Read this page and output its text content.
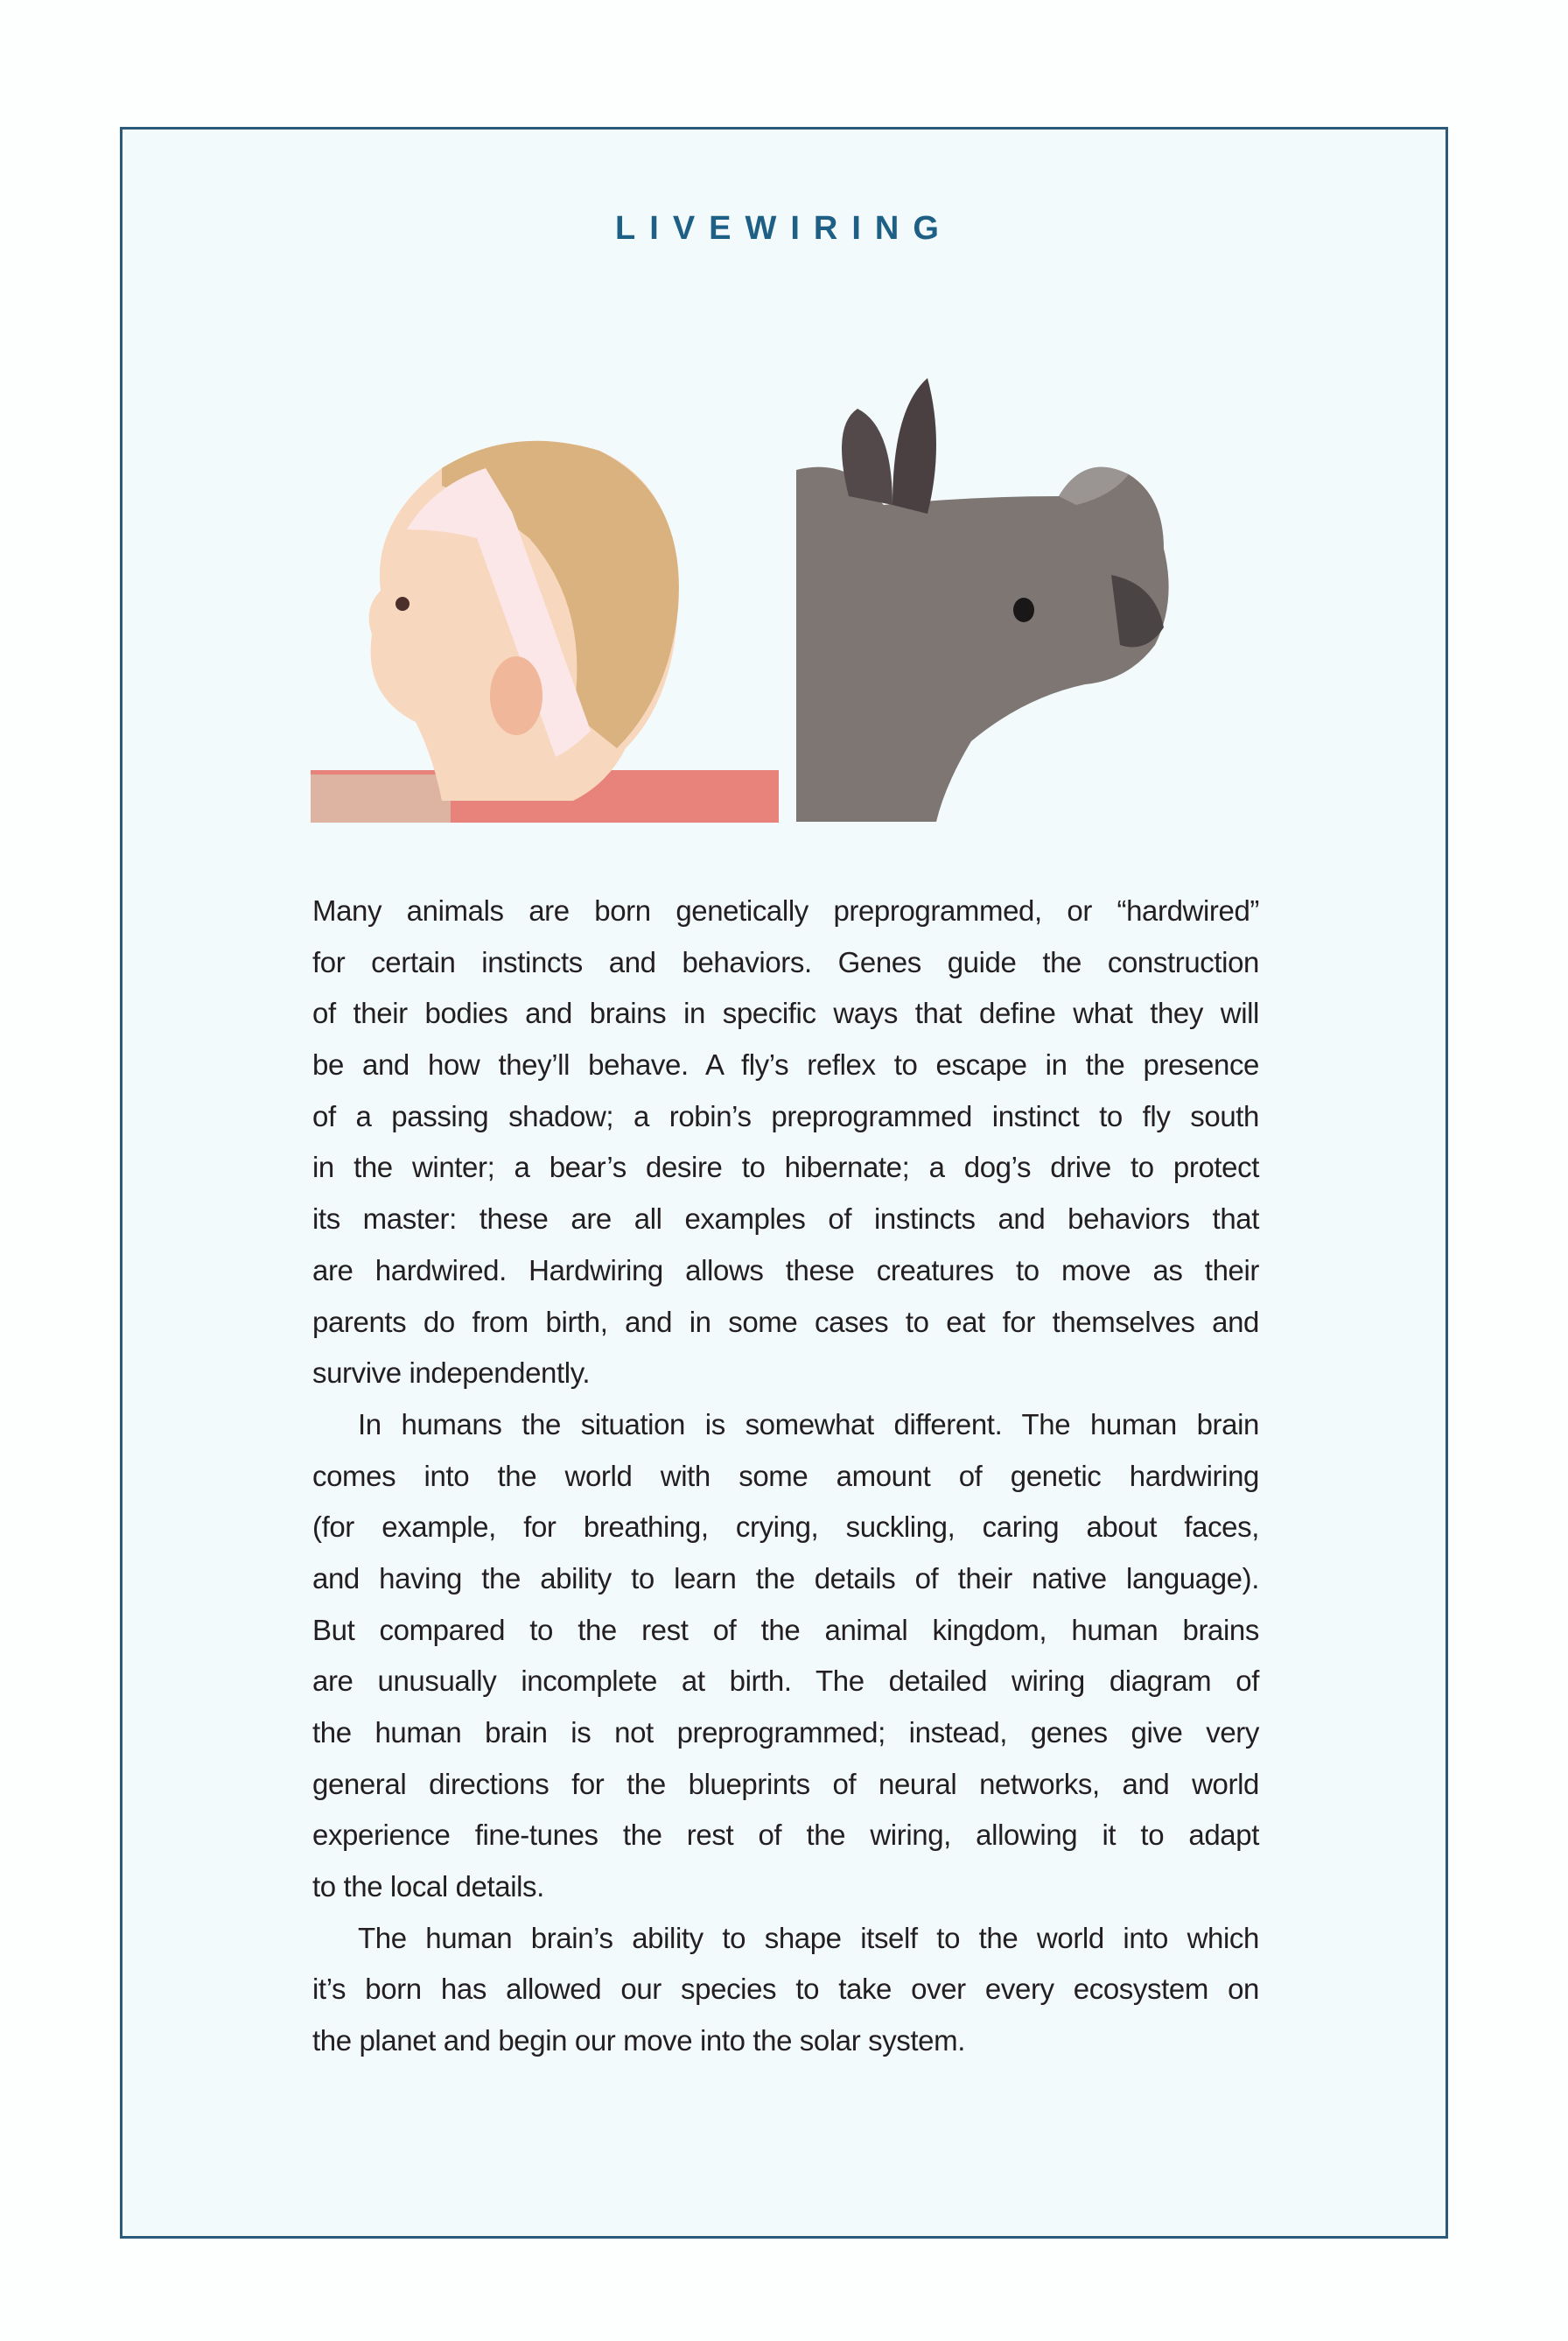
LIVEWIRING
Many animals are born genetically preprogrammed, or “hardwired”
for certain instincts and behaviors. Genes guide the construction
of their bodies and brains in specific ways that define what they will
be and how they’ll behave. A fly’s reflex to escape in the presence
of a passing shadow; a robin’s preprogrammed instinct to fly south
in the winter; a bear’s desire to hibernate; a dog’s drive to protect
its master: these are all examples of instincts and behaviors that
are hardwired. Hardwiring allows these creatures to move as their
parents do from birth, and in some cases to eat for themselves and
survive independently.
In humans the situation is somewhat different. The human brain
comes into the world with some amount of genetic hardwiring
(for example, for breathing, crying, suckling, caring about faces,
and having the ability to learn the details of their native language).
But compared to the rest of the animal kingdom, human brains
are unusually incomplete at birth. The detailed wiring diagram of
the human brain is not preprogrammed; instead, genes give very
general directions for the blueprints of neural networks, and world
experience fine-tunes the rest of the wiring, allowing it to adapt
to the local details.
The human brain’s ability to shape itself to the world into which
it’s born has allowed our species to take over every ecosystem on
the planet and begin our move into the solar system.
